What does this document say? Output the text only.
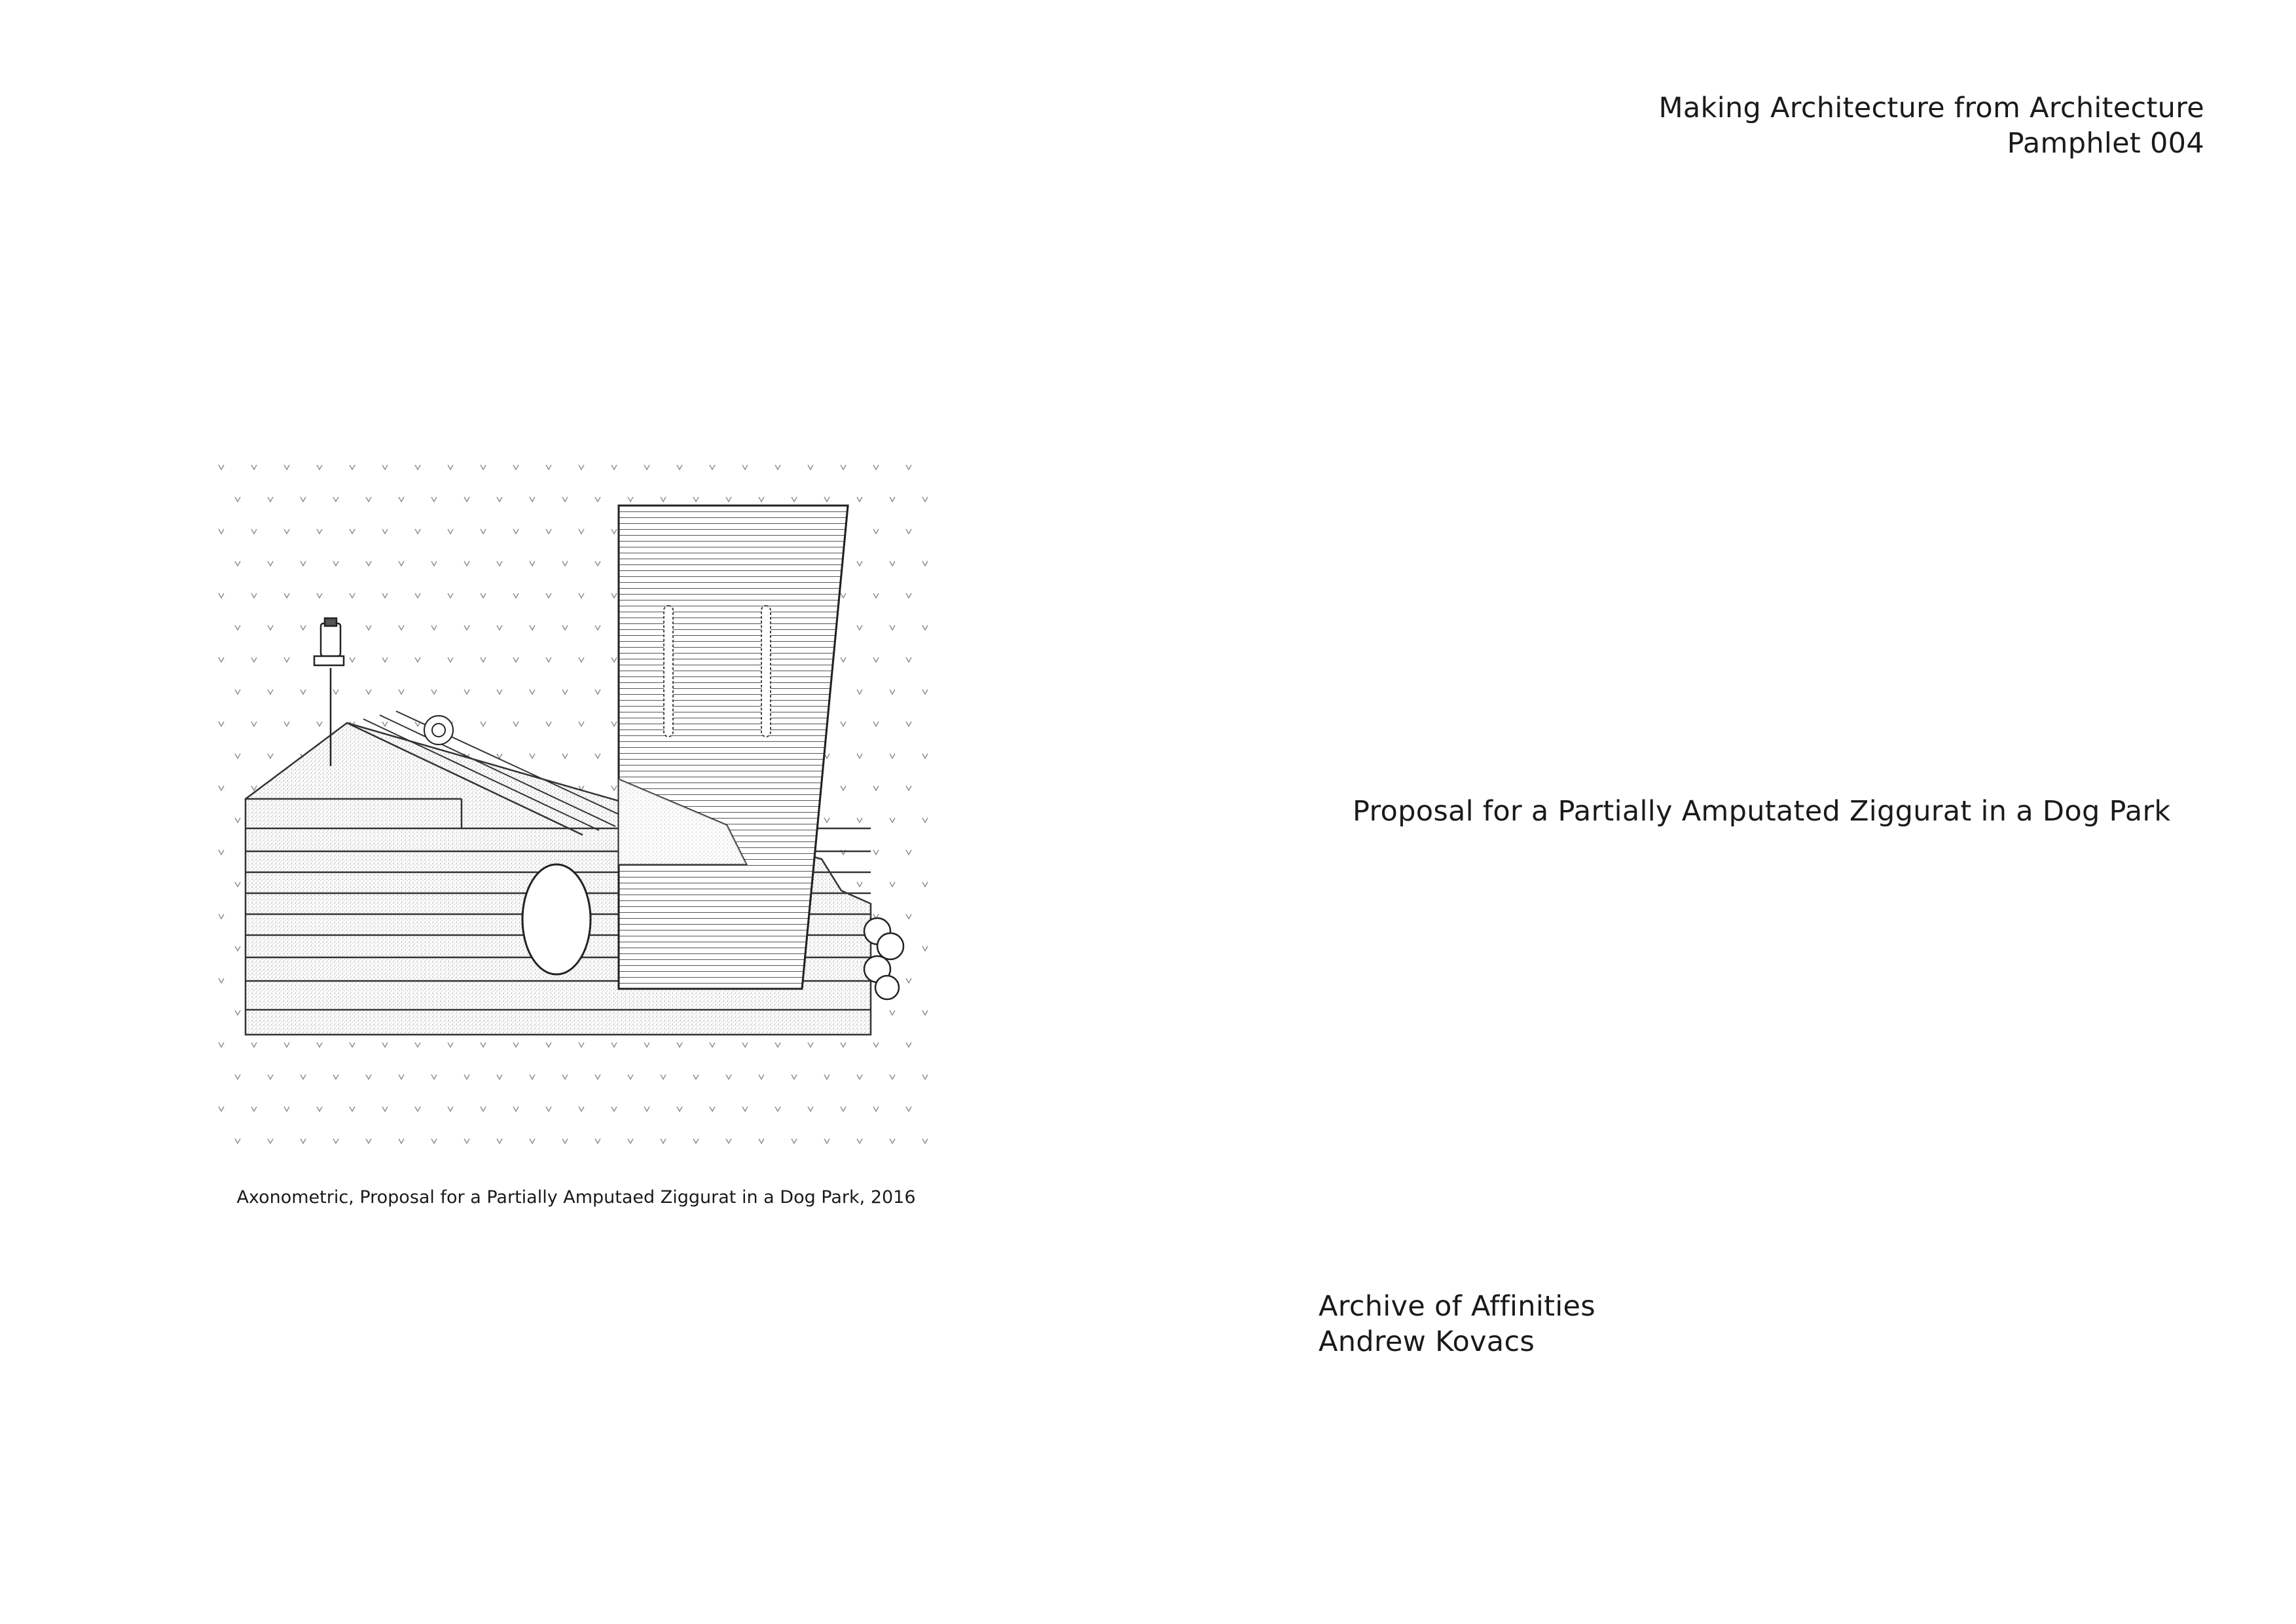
Making Architecture from Architecture
Pamphlet 004
Axonometric, Proposal for a Partially Amputaed Ziggurat in a Dog Park, 2016
Proposal for a Partially Amputated Ziggurat in a Dog Park
Archive of Affinities
Andrew Kovacs
